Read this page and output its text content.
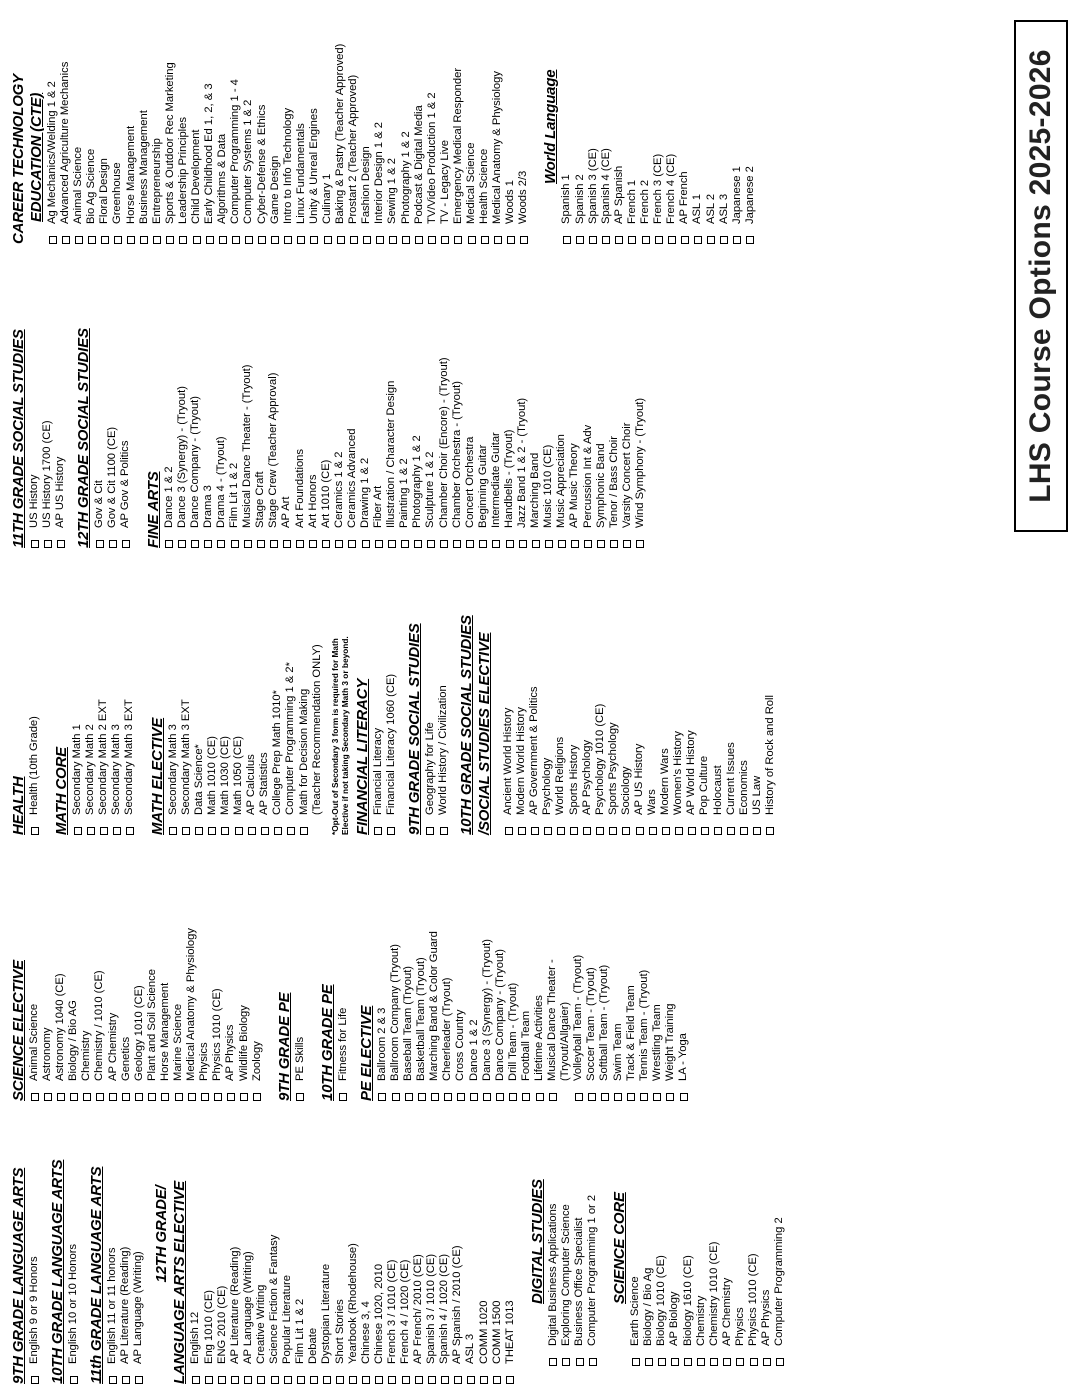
9TH GRADE LANGUAGE ARTS English 9 or 9 Honors 10TH GRADE LANGUAGE ARTS English 10 or 10 Honors 11th GRADE LANGUAGE ARTS English 11 or 11 honors AP Literature (Reading) AP Language (Writing)
12TH GRADE/ LANGUAGE ARTS ELECTIVE English 12 Eng 1010 (CE) ENG 2010 (CE) AP Literature (Reading) AP Language (Writing) Creative Writing Science Fiction & Fantasy Popular Literature Film Lit 1 & 2 Debate Dystopian Literature Short Stories Yearbook (Rhodehouse) Chinese 3, 4 Chinese 1020, 2010 French 3 / 1010 (CE) French 4 / 1020 (CE) AP French/ 2010 (CE) Spanish 3 / 1010 (CE) Spanish 4 / 1020 (CE) AP Spanish / 2010 (CE) ASL 3 COMM 1020 COMM 1500 THEAT 1013
DIGITAL STUDIES Digital Business Applications Exploring Computer Science Business Office Specialist Computer Programming 1 or 2 SCIENCE CORE
Earth Science Biology / Bio Ag Biology 1010 (CE) AP Biology Biology 1610 (CE) Chemistry Chemistry 1010 (CE) AP Chemistry Physics Physics 1010 (CE) AP Physics Computer Programming 2
SCIENCE ELECTIVE Animal Science Astronomy Astronomy 1040 (CE) Biology / Bio AG Chemistry Chemistry / 1010 (CE) AP Chemistry Genetics Geology 1010 (CE) Plant and Soil Science Horse Management Marine Science Medical Anatomy & Physiology Physics Physics 1010 (CE) AP Physics Wildlife Biology Zoology 9TH GRADE PE PE Skills 10TH GRADE PE Fitness for Life PE ELECTIVE Ballroom 2 & 3 Ballroom Company (Tryout) Baseball Team (Tryout) Basketball Team (Tryout) Marching Band & Color Guard Cheerleader (Tryout) Cross Country Dance 1 & 2 Dance 3 (Synergy) - (Tryout) Dance Company - (Tryout) Drill Team - (Tryout) Football Team Lifetime Activities Musical Dance Theater - (Tryout/Allgaier) Volleyball Team - (Tryout) Soccer Team - (Tryout) Softball Team - (Tryout) Swim Team Track & Field Team Tennis Team - (Tryout) Wrestling Team Weight Training LA - Yoga
HEALTH Health (10th Grade) MATH CORE Secondary Math 1 Secondary Math 2 Secondary Math 2 EXT Secondary Math 3 Secondary Math 3 EXT MATH ELECTIVE Secondary Math 3 Secondary Math 3 EXT Data Science* Math 1010 (CE) Math 1030 (CE) Math 1050 (CE) AP Calculus AP Statistics College Prep Math 1010* Computer Programming 1 & 2* Math for Decision Making (Teacher Recommendation ONLY) *Opt-Out of Secondary 3 form is required for Math Elective if not taking Secondary Math 3 or beyond. FINANCIAL LITERACY Financial Literacy Financial Literacy 1060 (CE) 9TH GRADE SOCIAL STUDIES Geography for Life World History / Civilization 10TH GRADE SOCIAL STUDIES /SOCIAL STUDIES ELECTIVE Ancient World History Modern World History AP Government & Politics Psychology World Religions Sports History AP Psychology Psychology 1010 (CE) Sports Psychology Sociology AP US History Wars Modern Wars Women's History AP World History Pop Culture Holocaust Current Issues Economics US Law History of Rock and Roll
11TH GRADE SOCIAL STUDIES US History US History 1700 (CE) AP US History 12TH GRADE SOCIAL STUDIES Gov & Cit Gov & Cit 1100 (CE) AP Gov & Politics FINE ARTS Dance 1 & 2 Dance 3 (Synergy) - (Tryout) Dance Company - (Tryout) Drama 3 Drama 4 - (Tryout) Film Lit 1 & 2 Musical Dance Theater - (Tryout) Stage Craft Stage Crew (Teacher Approval) AP Art Art Foundations Art Honors Art 1010 (CE) Ceramics 1 & 2 Ceramics Advanced Drawing 1 & 2 Fiber Art Illustration / Character Design Painting 1 & 2 Photography 1 & 2 Sculpture 1 & 2 Chamber Choir (Encore) - (Tryout) Chamber Orchestra - (Tryout) Concert Orchestra Beginning Guitar Intermediate Guitar Handbells - (Tryout) Jazz Band 1 & 2 - (Tryout) Marching Band Music 1010 (CE) Music Appreciation AP Music Theory Percussion Int & Adv Symphonic Band Tenor / Bass Choir Varsity Concert Choir Wind Symphony - (Tryout)
CAREER TECHNOLOGY EDUCATION (CTE) Ag Mechanics/Welding 1 & 2 Advanced Agriculture Mechanics Animal Science Bio Ag Science Floral Design Greenhouse Horse Management Business Management Entrepreneurship Sports & Outdoor Rec Marketing Leadership Principles Child Development Early Childhood Ed 1, 2, & 3 Algorithms & Data Computer Programming 1 - 4 Computer Systems 1 & 2 Cyber-Defense & Ethics Game Design Intro to Info Technology Linux Fundamentals Unity & Unreal Engines Culinary 1 Baking & Pastry (Teacher Approved) Prostart 2 (Teacher Approved) Fashion Design Interior Design 1 & 2 Sewing 1 & 2 Photography 1 & 2 Podcast & Digital Media TV/Video Production 1 & 2 TV - Legacy Live Emergency Medical Responder Medical Science Health Science Medical Anatomy & Physiology Woods 1 Woods 2/3
World Language
Spanish 1 Spanish 2 Spanish 3 (CE) Spanish 4 (CE) AP Spanish French 1 French 2 French 3 (CE) French 4 (CE) AP French ASL 1 ASL 2 ASL 3 Japanese 1 Japanese 2	LHS Course Options 2025-2026
